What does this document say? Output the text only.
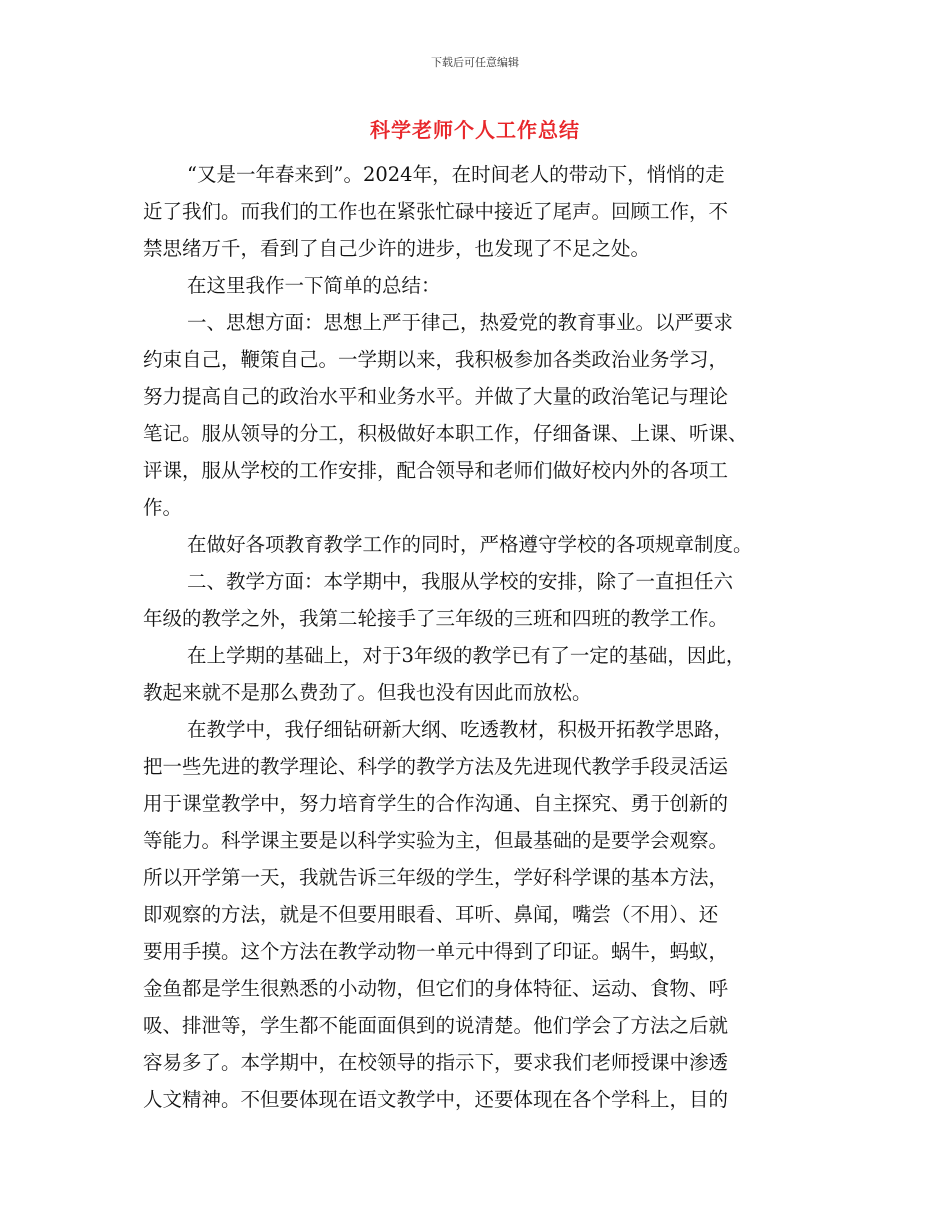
下载后可任意编辑
科学老师个人工作总结
“又是一年春来到”。2024年，在时间老人的带动下，悄悄的走
近了我们。而我们的工作也在紧张忙碌中接近了尾声。回顾工作，不
禁思绪万千，看到了自己少许的进步，也发现了不足之处。
在这里我作一下简单的总结：
一、思想方面：思想上严于律己，热爱党的教育事业。以严要求
约束自己，鞭策自己。一学期以来，我积极参加各类政治业务学习，
努力提高自己的政治水平和业务水平。并做了大量的政治笔记与理论
笔记。服从领导的分工，积极做好本职工作，仔细备课、上课、听课、
评课，服从学校的工作安排，配合领导和老师们做好校内外的各项工
作。
在做好各项教育教学工作的同时，严格遵守学校的各项规章制度。
二、教学方面：本学期中，我服从学校的安排，除了一直担任六
年级的教学之外，我第二轮接手了三年级的三班和四班的教学工作。
在上学期的基础上，对于3年级的教学已有了一定的基础，因此，
教起来就不是那么费劲了。但我也没有因此而放松。
在教学中，我仔细钻研新大纲、吃透教材，积极开拓教学思路，
把一些先进的教学理论、科学的教学方法及先进现代教学手段灵活运
用于课堂教学中，努力培育学生的合作沟通、自主探究、勇于创新的
等能力。科学课主要是以科学实验为主，但最基础的是要学会观察。
所以开学第一天，我就告诉三年级的学生，学好科学课的基本方法，
即观察的方法，就是不但要用眼看、耳听、鼻闻，嘴尝（不用）、还
要用手摸。这个方法在教学动物一单元中得到了印证。蜗牛，蚂蚁，
金鱼都是学生很熟悉的小动物，但它们的身体特征、运动、食物、呼
吸、排泄等，学生都不能面面俱到的说清楚。他们学会了方法之后就
容易多了。本学期中，在校领导的指示下，要求我们老师授课中渗透
人文精神。不但要体现在语文教学中，还要体现在各个学科上，目的
